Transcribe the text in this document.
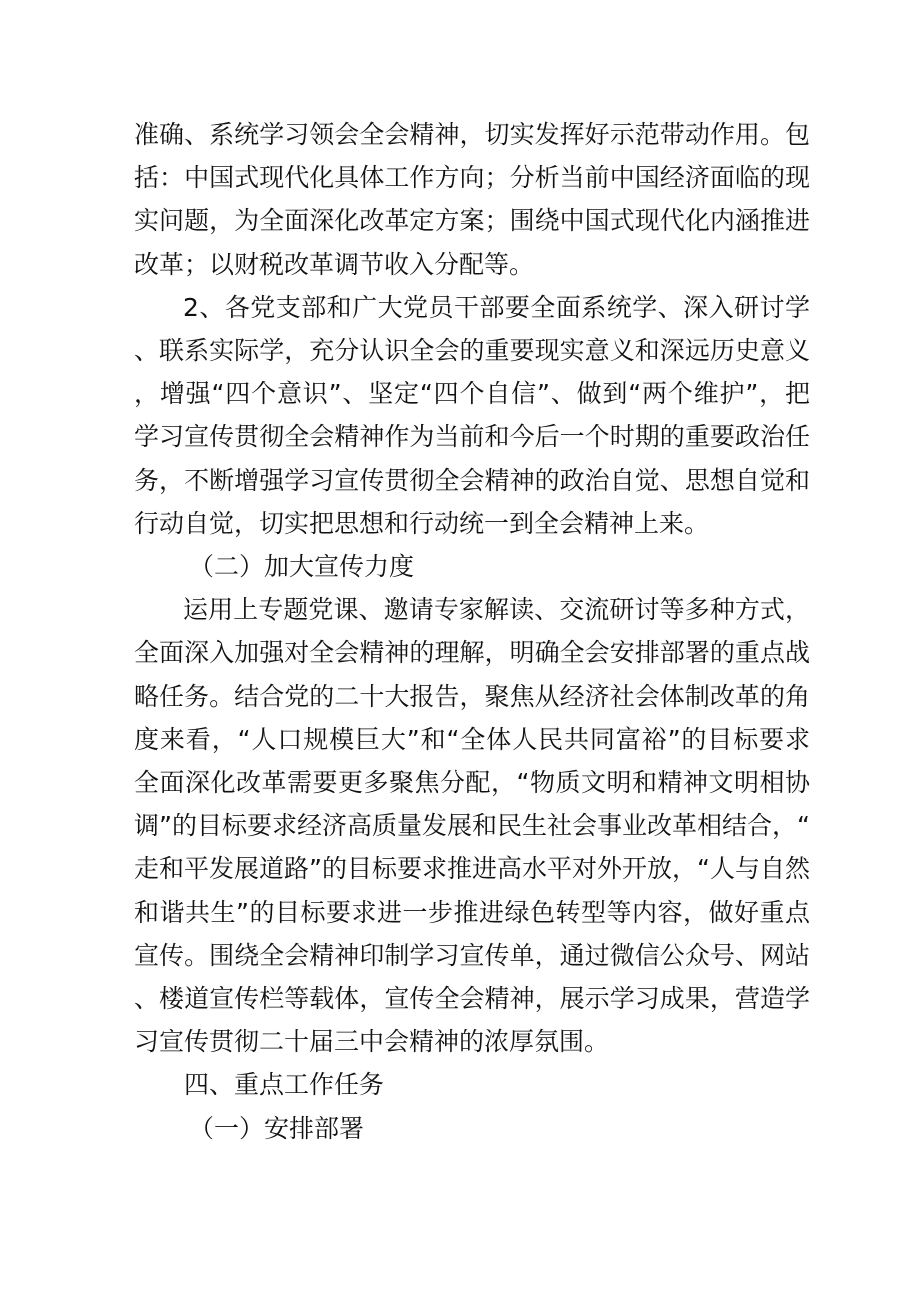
准确、系统学习领会全会精神，切实发挥好示范带动作用。包括：中国式现代化具体工作方向；分析当前中国经济面临的现实问题，为全面深化改革定方案；围绕中国式现代化内涵推进改革；以财税改革调节收入分配等。

2、各党支部和广大党员干部要全面系统学、深入研讨学、联系实际学，充分认识全会的重要现实意义和深远历史意义，增强“四个意识”、坚定“四个自信”、做到“两个维护”，把学习宣传贯彻全会精神作为当前和今后一个时期的重要政治任务，不断增强学习宣传贯彻全会精神的政治自觉、思想自觉和行动自觉，切实把思想和行动统一到全会精神上来。

（二）加大宣传力度

运用上专题党课、邀请专家解读、交流研讨等多种方式，全面深入加强对全会精神的理解，明确全会安排部署的重点战略任务。结合党的二十大报告，聚焦从经济社会体制改革的角度来看，“人口规模巨大”和“全体人民共同富裕”的目标要求全面深化改革需要更多聚焦分配，“物质文明和精神文明相协调”的目标要求经济高质量发展和民生社会事业改革相结合，“走和平发展道路”的目标要求推进高水平对外开放，“人与自然和谐共生”的目标要求进一步推进绿色转型等内容，做好重点宣传。围绕全会精神印制学习宣传单，通过微信公众号、网站、楼道宣传栏等载体，宣传全会精神，展示学习成果，营造学习宣传贯彻二十届三中会精神的浓厚氛围。

四、重点工作任务

（一）安排部署
